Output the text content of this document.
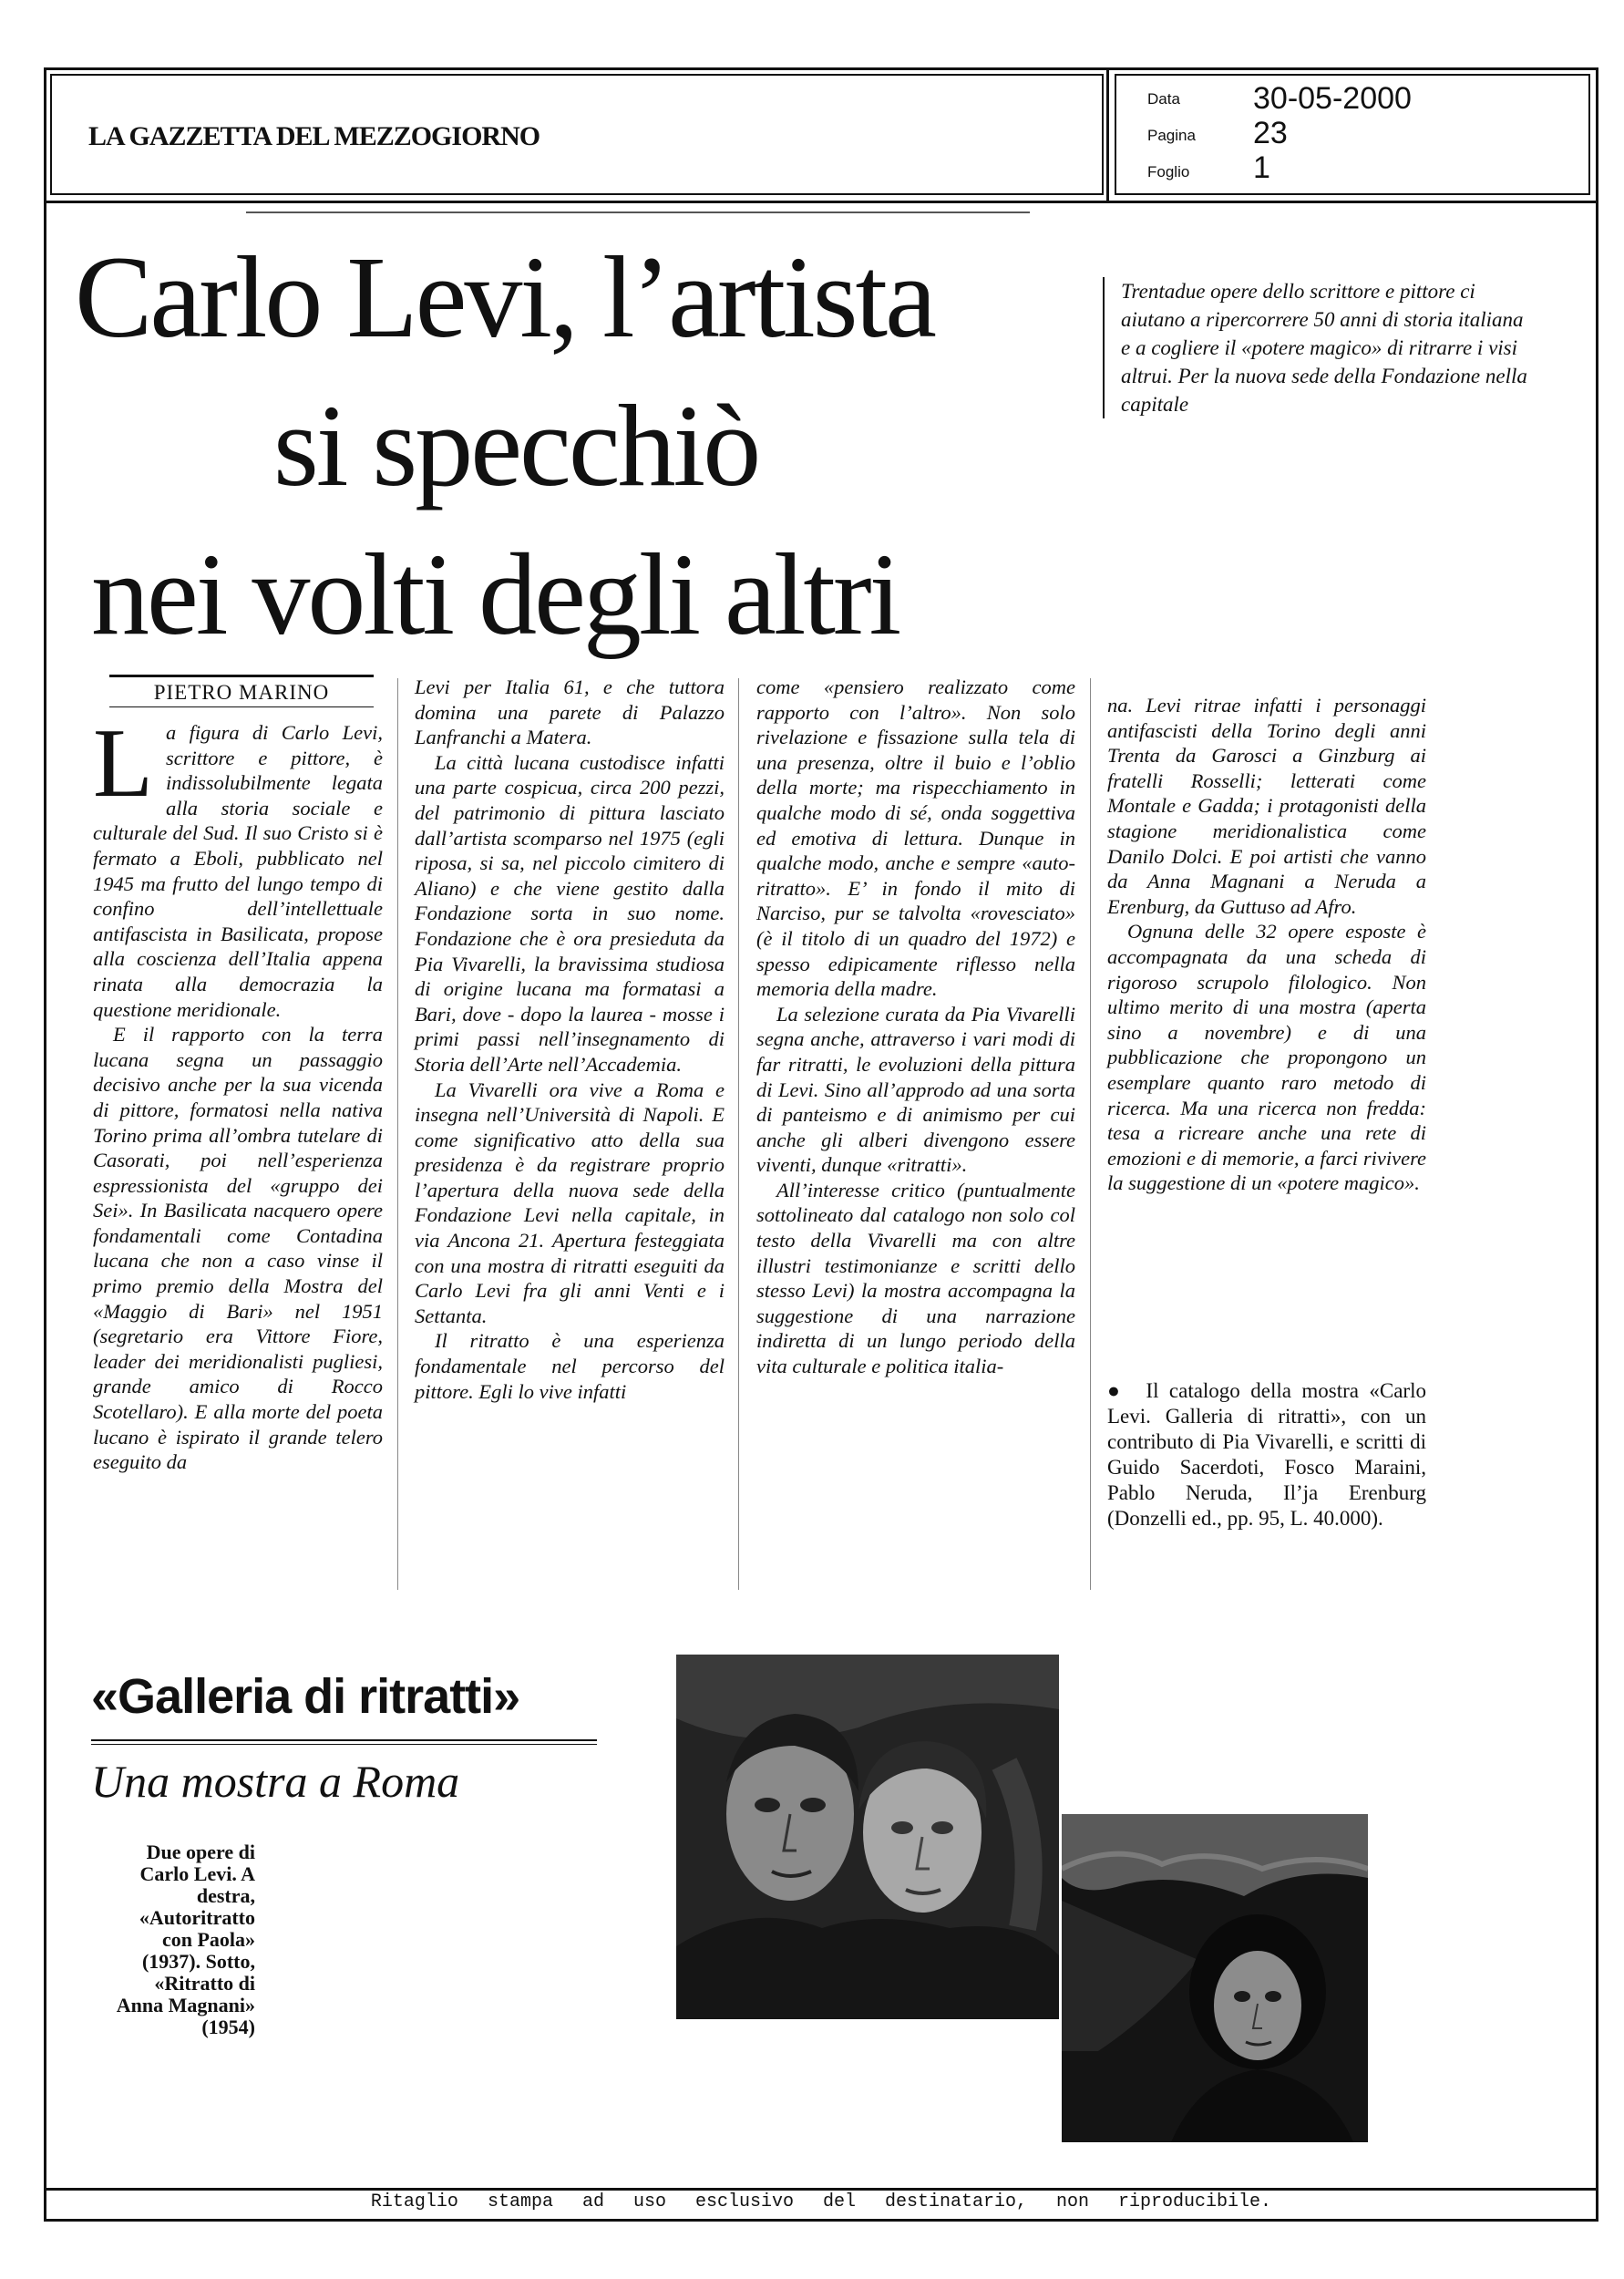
LA GAZZETTA DEL MEZZOGIORNO
Data 30-05-2000
Pagina 23
Foglio 1
Carlo Levi, l’artista
si specchiò
nei volti degli altri
Trentadue opere dello scrittore e pittore ci aiutano a ripercorrere 50 anni di storia italiana e a cogliere il «potere magico» di ritrarre i visi altrui. Per la nuova sede della Fondazione nella capitale
PIETRO MARINO

La figura di Carlo Levi, scrittore e pittore, è indissolubilmente legata alla storia sociale e culturale del Sud. Il suo Cristo si è fermato a Eboli, pubblicato nel 1945 ma frutto del lungo tempo di confino dell’intellettuale antifascista in Basilicata, propose alla coscienza dell’Italia appena rinata alla democrazia la questione meridionale.

E il rapporto con la terra lucana segna un passaggio decisivo anche per la sua vicenda di pittore, formatosi nella nativa Torino prima all’ombra tutelare di Casorati, poi nell’esperienza espressionista del «gruppo dei Sei». In Basilicata nacquero opere fondamentali come Contadina lucana che non a caso vinse il primo premio della Mostra del «Maggio di Bari» nel 1951 (segretario era Vittore Fiore, leader dei meridionalisti pugliesi, grande amico di Rocco Scotellaro). E alla morte del poeta lucano è ispirato il grande telero eseguito da

Levi per Italia 61, e che tuttora domina una parete di Palazzo Lanfranchi a Matera.

La città lucana custodisce infatti una parte cospicua, circa 200 pezzi, del patrimonio di pittura lasciato dall’artista scomparso nel 1975 (egli riposa, si sa, nel piccolo cimitero di Aliano) e che viene gestito dalla Fondazione sorta in suo nome. Fondazione che è ora presieduta da Pia Vivarelli, la bravissima studiosa di origine lucana ma formatasi a Bari, dove - dopo la laurea - mosse i primi passi nell’insegnamento di Storia dell’Arte nell’Accademia.

La Vivarelli ora vive a Roma e insegna nell’Università di Napoli. E come significativo atto della sua presidenza è da registrare proprio l’apertura della nuova sede della Fondazione Levi nella capitale, in via Ancona 21. Apertura festeggiata con una mostra di ritratti eseguiti da Carlo Levi fra gli anni Venti e i Settanta.

Il ritratto è una esperienza fondamentale nel percorso del pittore. Egli lo vive infatti

come «pensiero realizzato come rapporto con l’altro». Non solo rivelazione e fissazione sulla tela di una presenza, oltre il buio e l’oblio della morte; ma rispecchiamento in qualche modo di sé, onda soggettiva ed emotiva di lettura. Dunque in qualche modo, anche e sempre «auto-ritratto». E’ in fondo il mito di Narciso, pur se talvolta «rovesciato» (è il titolo di un quadro del 1972) e spesso edipicamente riflesso nella memoria della madre.

La selezione curata da Pia Vivarelli segna anche, attraverso i vari modi di far ritratti, le evoluzioni della pittura di Levi. Sino all’approdo ad una sorta di panteismo e di animismo per cui anche gli alberi divengono essere viventi, dunque «ritratti».

All’interesse critico (puntualmente sottolineato dal catalogo non solo col testo della Vivarelli ma con altre illustri testimonianze e scritti dello stesso Levi) la mostra accompagna la suggestione di una narrazione indiretta di un lungo periodo della vita culturale e politica italia-

na. Levi ritrae infatti i personaggi antifascisti della Torino degli anni Trenta da Garosci a Ginzburg ai fratelli Rosselli; letterati come Montale e Gadda; i protagonisti della stagione meridionalistica come Danilo Dolci. E poi artisti che vanno da Anna Magnani a Neruda a Erenburg, da Guttuso ad Afro.

Ognuna delle 32 opere esposte è accompagnata da una scheda di rigoroso scrupolo filologico. Non ultimo merito di una mostra (aperta sino a novembre) e di una pubblicazione che propongono un esemplare quanto raro metodo di ricerca. Ma una ricerca non fredda: tesa a ricreare anche una rete di emozioni e di memorie, a farci rivivere la suggestione di un «potere magico».

●  Il catalogo della mostra «Carlo Levi. Galleria di ritratti», con un contributo di Pia Vivarelli, e scritti di Guido Sacerdoti, Fosco Maraini, Pablo Neruda, Il’ja Erenburg (Donzelli ed., pp. 95, L. 40.000).
«Galleria di ritratti»
Una mostra a Roma
Due opere di Carlo Levi. A destra, «Autoritratto con Paola» (1937). Sotto, «Ritratto di Anna Magnani» (1954)
Ritaglio stampa ad uso esclusivo del destinatario, non riproducibile.
